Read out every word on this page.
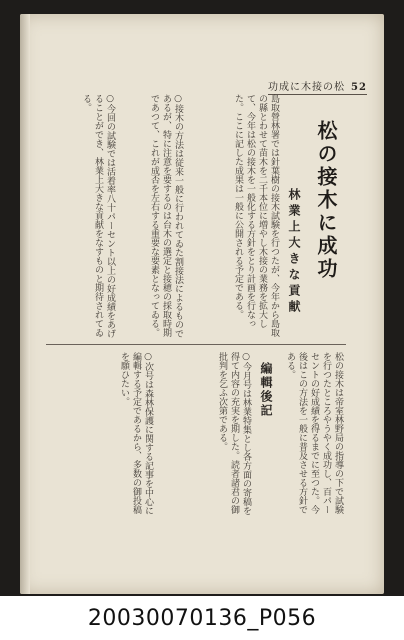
功成に木接の松 52
松の接木に成功
林業上大きな貢献
島取營林署では針葉樹の接木試験を行つたが、今年から島取の縣とわせて苗木を二千本位に増やし木接の業務を拡大して、今年は松の接木を一般化する方針をとり計画を行なった。ここに記した成果は一般に公開される予定である。
○接木の方法は従来一般に行われてゐた割接法によるものであるが、特に注意を要するのは台木の選定と接穂の採取時期であつて、これが成否を左右する重要な要素となってゐる。
○今回の試験では活着率八十パーセント以上の好成績をあげることができ、林業上大きな貢献をなすものと期待されてゐる。
松の接木は帝室林野局の指導の下で試験を行つたところやうやく成功し、百パーセントの好成績を得るまでに至つた。今後はこの方法を一般に普及させる方針である。
編輯後記
○今月号は林業特集とし各方面の寄稿を得て内容の充実を期した。読者諸君の御批判を乞ふ次第である。
○次号は森林保護に関する記事を中心に編輯する予定であるから、多数の御投稿を願ひたい。
20030070136_P056
